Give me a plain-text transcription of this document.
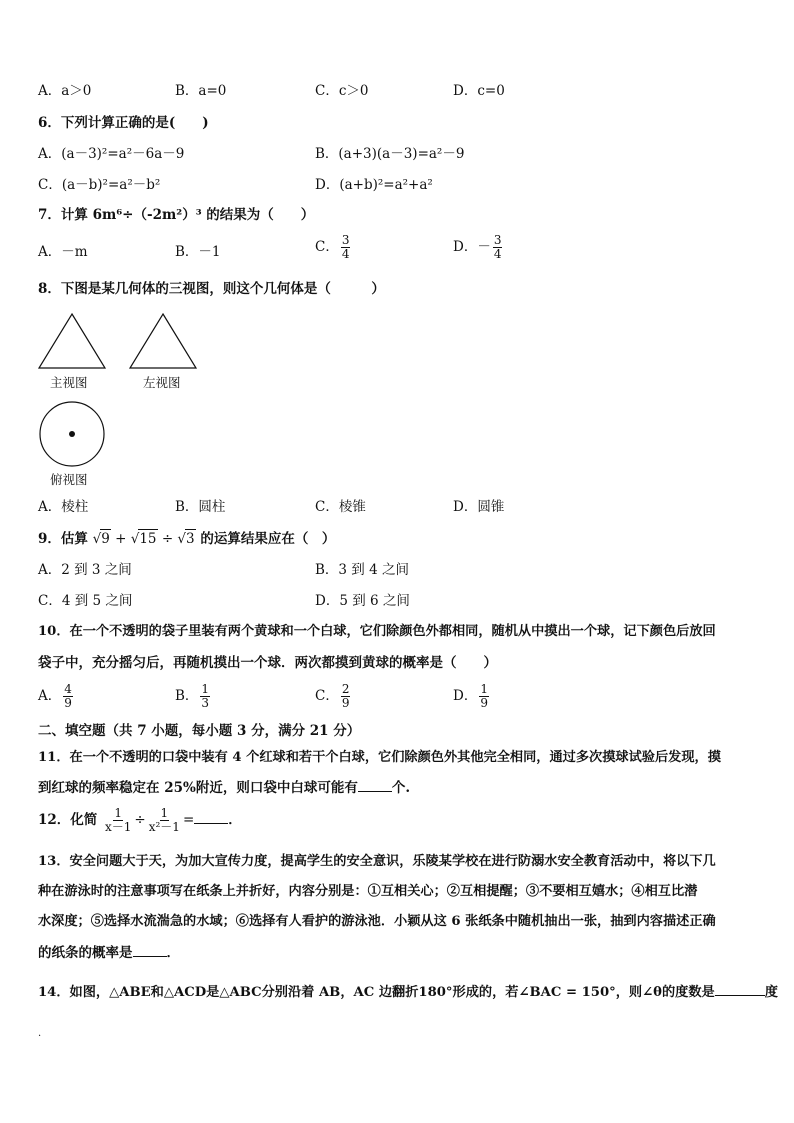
A．a＞0	B．a=0	C．c＞0	D．c=0
6．下列计算正确的是(　　)
A．(a－3)²=a²－6a－9	B．(a+3)(a－3)=a²－9
C．(a－b)²=a²－b²	D．(a+b)²=a²+a²
7．计算 6m⁶÷（-2m²）³ 的结果为（　　）
A．－m	B．－1	C． $\frac{3}{4}$	D．－ $\frac{3}{4}$
8．下图是某几何体的三视图，则这个几何体是（　　　）
主视图	左视图
俯视图
A．棱柱	B．圆柱	C．棱锥	D．圆锥
9．估算 √9 + √15 ÷ √3 的运算结果应在（　）
A．2 到 3 之间	B．3 到 4 之间
C．4 到 5 之间	D．5 到 6 之间
10．在一个不透明的袋子里装有两个黄球和一个白球，它们除颜色外都相同，随机从中摸出一个球，记下颜色后放回
袋子中，充分摇匀后，再随机摸出一个球．两次都摸到黄球的概率是（　　）
A． $\frac{4}{9}$	B． $\frac{1}{3}$	C． $\frac{2}{9}$	D． $\frac{1}{9}$
二、填空题（共 7 小题，每小题 3 分，满分 21 分）
11．在一个不透明的口袋中装有 4 个红球和若干个白球，它们除颜色外其他完全相同，通过多次摸球试验后发现，摸
到红球的频率稳定在 25%附近，则口袋中白球可能有	个.
12．化简 $\frac{1}{x-1} \div \frac{1}{\text{x²－1}}$ =	．
13．安全问题大于天，为加大宣传力度，提高学生的安全意识，乐陵某学校在进行防溺水安全教育活动中，将以下几
种在游泳时的注意事项写在纸条上并折好，内容分别是：①互相关心；②互相提醒；③不要相互嬉水；④相互比潜
水深度；⑤选择水流湍急的水域；⑥选择有人看护的游泳池．小颖从这 6 张纸条中随机抽出一张，抽到内容描述正确
的纸条的概率是	．
14．如图，△ABE和△ACD是△ABC分别沿着 AB，AC 边翻折180°形成的，若∠BAC = 150°，则∠θ的度数是	度
.
